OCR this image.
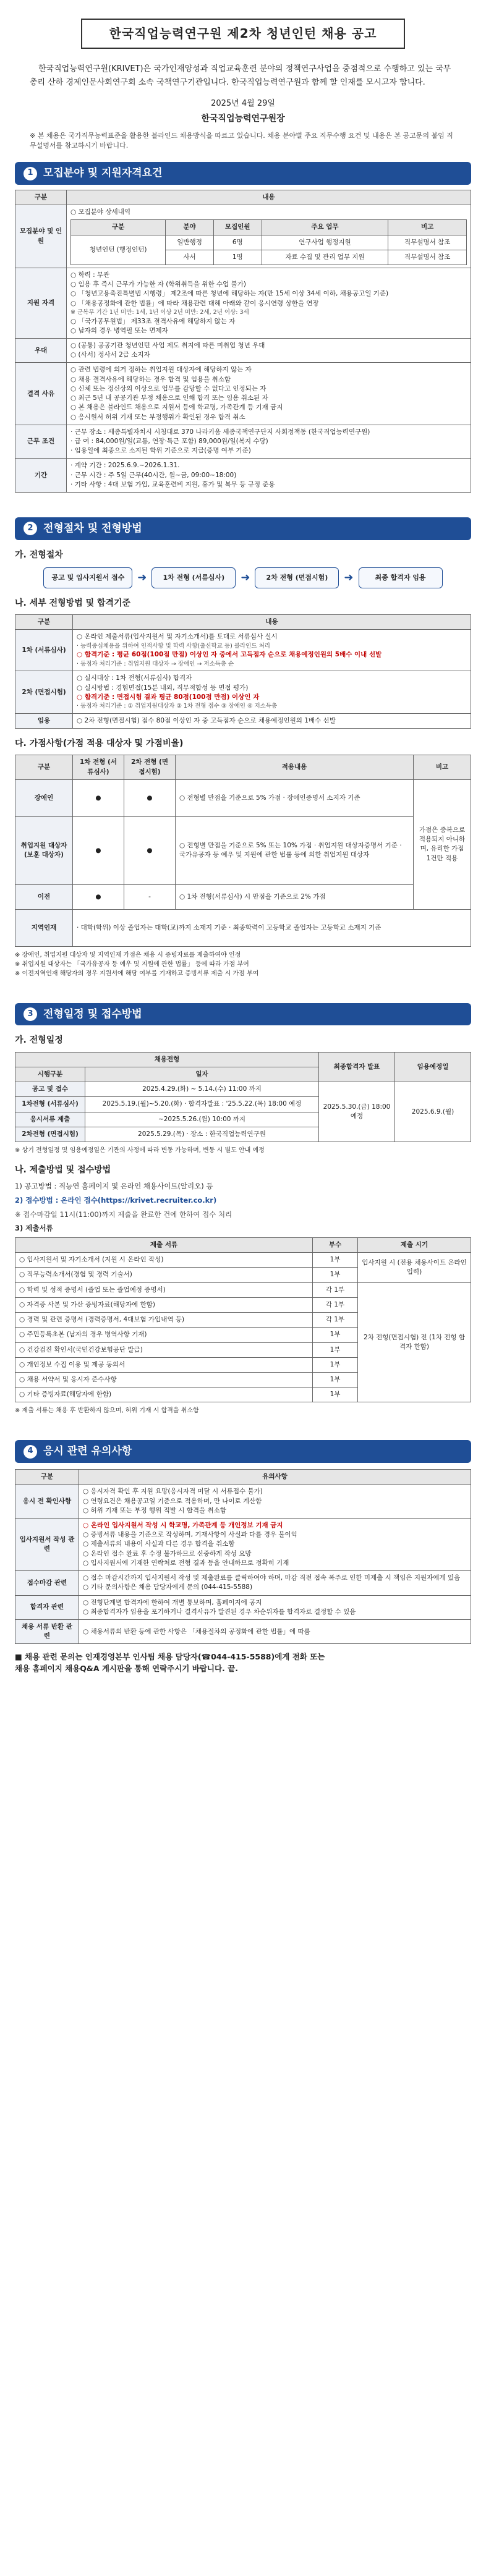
한국직업능력연구원 제2차 청년인턴 채용 공고
한국직업능력연구원(KRIVET)은 국가인재양성과 직업교육훈련 분야의 정책연구사업을 중점적으로 수행하고 있는 국무총리 산하 경제인문사회연구회 소속 국책연구기관입니다. 한국직업능력연구원과 함께 할 인재를 모시고자 합니다.
2025년 4월 29일
한국직업능력연구원장
※ 본 채용은 국가직무능력표준을 활용한 블라인드 채용방식을 따르고 있습니다. 채용 분야별 주요 직무수행 요건 및 내용은 본 공고문의 붙임 직무설명서를 참고하시기 바랍니다.
1 모집분야 및 지원자격요건
구분	내용
모집분야 및 인원	
○ 모집분야 상세내역
구분	분야	모집인원	주요 업무	비고
청년인턴 (행정인턴)	일반행정	6명	연구사업 행정지원	직무설명서 참조
사서	1명	자료 수집 및 관리 업무 지원	직무설명서 참조

지원 자격	
○ 학력 : 무관
○ 임용 후 즉시 근무가 가능한 자 (학위취득을 위한 수업 불가)
○ 「청년고용촉진특별법 시행령」 제2조에 따른 청년에 해당하는 자(만 15세 이상 34세 이하, 채용공고일 기준)
○ 「채용공정화에 관한 법률」에 따라 채용관련 대해 아래와 같이 응시연령 상한을 연장
※ 군복무 기간 1년 미만: 1세, 1년 이상 2년 미만: 2세, 2년 이상: 3세
○ 「국가공무원법」 제33조 결격사유에 해당하지 않는 자
○ 남자의 경우 병역필 또는 면제자

우대	
○ (공통) 공공기관 청년인턴 사업 제도 취지에 따른 미취업 청년 우대
○ (사서) 정사서 2급 소지자

결격 사유	
○ 관련 법령에 의거 정하는 취업지원 대상자에 해당하지 않는 자
○ 채용 결격사유에 해당하는 경우 합격 및 임용을 취소함
○ 신체 또는 정신상의 이상으로 업무를 감당할 수 없다고 인정되는 자
○ 최근 5년 내 공공기관 부정 채용으로 인해 합격 또는 임용 취소된 자
○ 본 채용은 블라인드 채용으로 지원서 등에 학교명, 가족관계 등 기재 금지
○ 응시원서 허위 기재 또는 부정행위가 확인된 경우 합격 취소

근무 조건	
· 근무 장소 : 세종특별자치시 시청대로 370 나라키움 세종국책연구단지 사회정책동 (한국직업능력연구원)
· 급 여 : 84,000원/일(교통, 연장·특근 포함) 89,000원/일(복지 수당)
· 임용일에 최종으로 소지된 학위 기준으로 지급(증명 여부 기준)

기간	
· 계약 기간 : 2025.6.9.~2026.1.31.
· 근무 시간 : 주 5일 근무(40시간, 월~금, 09:00~18:00)
· 기타 사항 : 4대 보험 가입, 교육훈련비 지원, 휴가 및 복무 등 규정 준용
2 전형절차 및 전형방법
가. 전형절차
공고 및 입사지원서 접수	➜	1차 전형 (서류심사)	➜	2차 전형 (면접시험)	➜	최종 합격자 임용
나. 세부 전형방법 및 합격기준
구분	내용
1차 (서류심사)	○ 온라인 제출서류(입사지원서 및 자기소개서)를 토대로 서류심사 실시
· 능력중심채용을 위하여 인적사항 및 학력 사항(출신학교 등) 블라인드 처리
○ 합격기준 : 평균 60점(100점 만점) 이상인 자 중에서 고득점자 순으로 채용예정인원의 5배수 이내 선발
· 동점자 처리기준 : 취업지원 대상자 → 장애인 → 저소득층 순

2차 (면접시험)	○ 실시대상 : 1차 전형(서류심사) 합격자
○ 실시방법 : 경험면접(15분 내외, 직무적합성 등 면접 평가)
○ 합격기준 : 면접시험 결과 평균 80점(100점 만점) 이상인 자
· 동점자 처리기준 : ① 취업지원대상자 ② 1차 전형 점수 ③ 장애인 ④ 저소득층

임용	○ 2차 전형(면접시험) 점수 80점 이상인 자 중 고득점자 순으로 채용예정인원의 1배수 선발
다. 가점사항(가점 적용 대상자 및 가점비율)
구분	1차 전형 (서류심사)	2차 전형 (면접시험)	적용내용	비고
장애인	●	●	○ 전형별 만점을 기준으로 5% 가점 · 장애인증명서 소지자 기준	가점은 중복으로 적용되지 아니하며, 유리한 가점 1건만 적용
취업지원 대상자 (보훈 대상자)	●	●	○ 전형별 만점을 기준으로 5% 또는 10% 가점 · 취업지원 대상자증명서 기준 · 국가유공자 등 예우 및 지원에 관한 법률 등에 의한 취업지원 대상자	
이전	●	-	○ 1차 전형(서류심사) 시 만점을 기준으로 2% 가점	
지역인재	· 대학(학위) 이상 졸업자는 대학(교)까지 소재지 기준 · 최종학력이 고등학교 졸업자는 고등학교 소재지 기준			
※ 장애인, 취업지원 대상자 및 지역인재 가점은 채용 시 증빙자료를 제출하여야 인정
※ 취업지원 대상자는 「국가유공자 등 예우 및 지원에 관한 법률」 등에 따라 가점 부여
※ 이전지역인재 해당자의 경우 지원서에 해당 여부를 기재하고 증빙서류 제출 시 가점 부여
3 전형일정 및 접수방법
가. 전형일정
채용전형		최종합격자 발표	임용예정일
시행구분	일자		
공고 및 접수	2025.4.29.(화) ~ 5.14.(수) 11:00 까지	2025.5.30.(금) 18:00 예정	2025.6.9.(월)
1차전형 (서류심사)	2025.5.19.(월)~5.20.(화) · 합격자발표 : '25.5.22.(목) 18:00 예정		
응시서류 제출	~2025.5.26.(월) 10:00 까지		
2차전형 (면접시험)	2025.5.29.(목) · 장소 : 한국직업능력연구원		
※ 상기 전형일정 및 임용예정일은 기관의 사정에 따라 변동 가능하며, 변동 시 별도 안내 예정
나. 제출방법 및 접수방법
1) 공고방법 : 직능연 홈페이지 및 온라인 채용사이트(알리오) 등
2) 접수방법 : 온라인 접수(https://krivet.recruiter.co.kr)
※ 접수마감일 11시(11:00)까지 제출을 완료한 건에 한하여 접수 처리
3) 제출서류
제출 서류	부수	제출 시기
○ 입사지원서 및 자기소개서 (지원 시 온라인 작성)	1부	입사지원 시 (전용 채용사이트 온라인 입력)
○ 직무능력소개서(경험 및 경력 기술서)	1부	
○ 학력 및 성적 증명서 (졸업 또는 졸업예정 증명서)	각 1부	2차 전형(면접시험) 전 (1차 전형 합격자 한함)
○ 자격증 사본 및 가산 증빙자료(해당자에 한함)	각 1부	
○ 경력 및 관련 증명서 (경력증명서, 4대보험 가입내역 등)	각 1부	
○ 주민등록초본 (남자의 경우 병역사항 기재)	1부	
○ 건강검진 확인서(국민건강보험공단 발급)	1부	
○ 개인정보 수집 이용 및 제공 동의서	1부	
○ 채용 서약서 및 응시자 준수사항	1부	
○ 기타 증빙자료(해당자에 한함)	1부	
※ 제출 서류는 채용 후 반환하지 않으며, 허위 기재 시 합격을 취소함
4 응시 관련 유의사항
구분	유의사항
응시 전 확인사항	○ 응시자격 확인 후 지원 요망(응시자격 미달 시 서류접수 불가)
○ 연령요건은 채용공고일 기준으로 적용하며, 만 나이로 계산함
○ 허위 기재 또는 부정 행위 적발 시 합격을 취소함

입사지원서 작성 관련	○ 온라인 입사지원서 작성 시 학교명, 가족관계 등 개인정보 기재 금지
○ 증빙서류 내용을 기준으로 작성하며, 기재사항이 사실과 다를 경우 불이익
○ 제출서류의 내용이 사실과 다른 경우 합격을 취소함
○ 온라인 접수 완료 후 수정 불가하므로 신중하게 작성 요망
○ 입사지원서에 기재한 연락처로 전형 결과 등을 안내하므로 정확히 기재

접수마감 관련	○ 접수 마감시간까지 입사지원서 작성 및 제출완료를 클릭하여야 하며, 마감 직전 접속 폭주로 인한 미제출 시 책임은 지원자에게 있음
○ 기타 문의사항은 채용 담당자에게 문의 (044-415-5588)

합격자 관련	○ 전형단계별 합격자에 한하여 개별 통보하며, 홈페이지에 공지
○ 최종합격자가 임용을 포기하거나 결격사유가 발견된 경우 차순위자를 합격자로 결정할 수 있음

채용 서류 반환 관련	○ 채용서류의 반환 등에 관한 사항은 「채용절차의 공정화에 관한 법률」에 따름
■ 채용 관련 문의는 인재경영본부 인사팀 채용 담당자(☎044-415-5588)에게 전화 또는
채용 홈페이지 채용Q&A 게시판을 통해 연락주시기 바랍니다. 끝.
